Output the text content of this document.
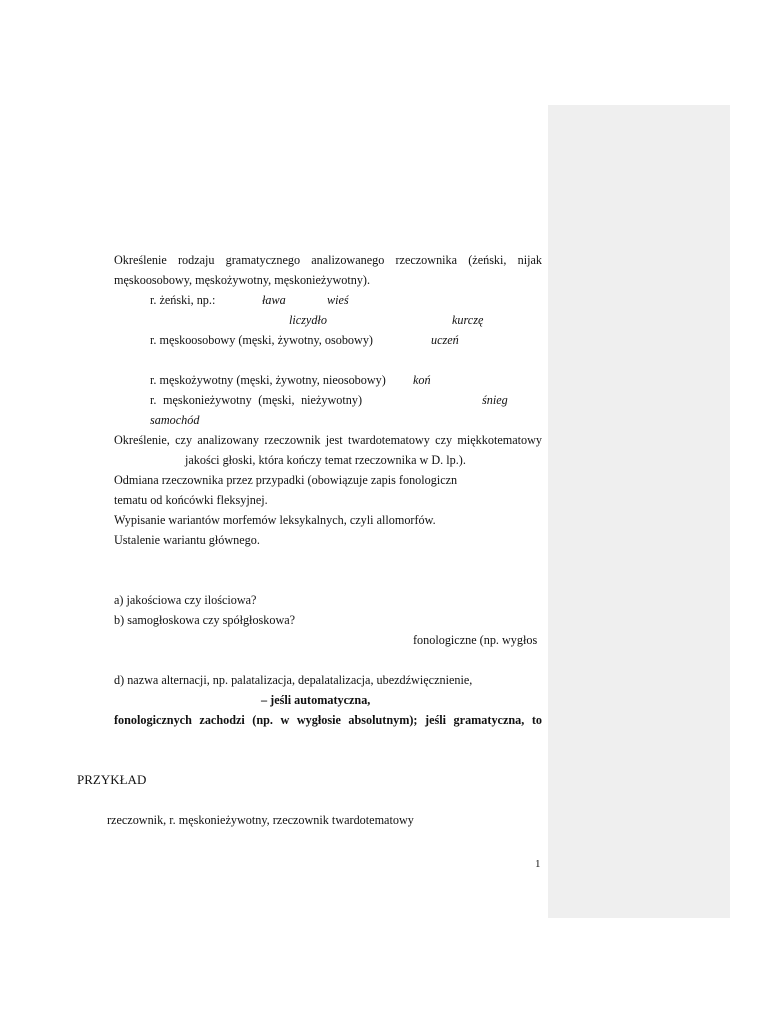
Określenie rodzaju gramatycznego analizowanego rzeczownika (żeński, nijak
męskoosobowy, męskożywotny, męskonieżywotny).
r. żeński, np.:	ława	wieś
liczydło	kurczę
r. męskoosobowy (męski, żywotny, osobowy)	uczeń
r. męskożywotny (męski, żywotny, nieosobowy) koń
r. męskonieżywotny (męski, nieżywotny)	śnieg
samochód
Określenie, czy analizowany rzeczownik jest twardotematowy czy miękkotematowy
jakości głoski, która kończy temat rzeczownika w D. lp.).
Odmiana rzeczownika przez przypadki (obowiązuje zapis fonologiczn
tematu od końcówki fleksyjnej.
Wypisanie wariantów morfemów leksykalnych, czyli allomorfów.
Ustalenie wariantu głównego.
a) jakościowa czy ilościowa?
b) samogłoskowa czy spółgłoskowa?
fonologiczne (np. wygłos
d) nazwa alternacji, np. palatalizacja, depalatalizacja, ubezdźwięcznienie,
– jeśli automatyczna,
fonologicznych zachodzi (np. w wygłosie absolutnym); jeśli gramatyczna, to
PRZYKŁAD
rzeczownik, r. męskonieżywotny, rzeczownik twardotematowy
1
